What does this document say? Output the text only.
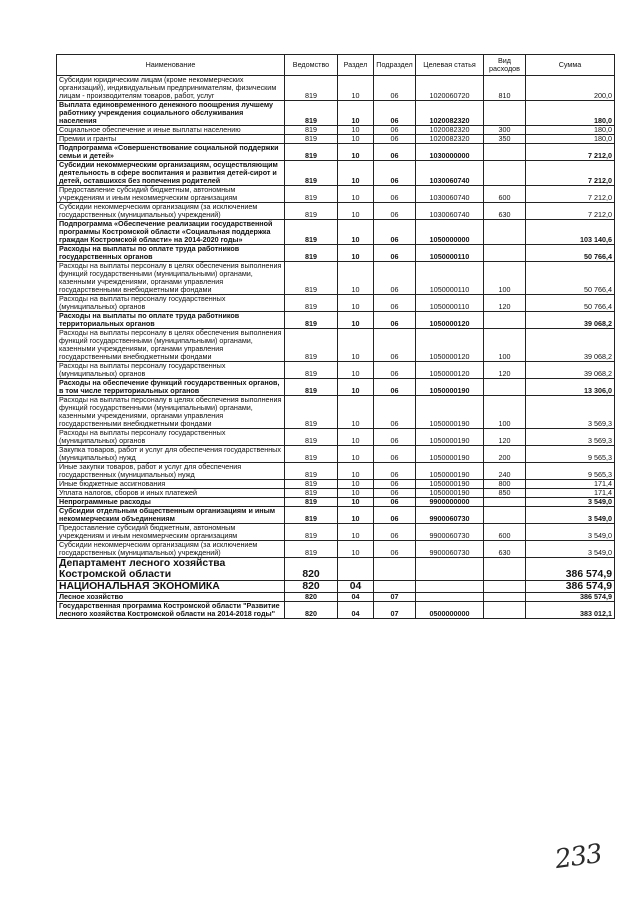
Наименование	Ведомство	Раздел	Подраздел	Целевая статья	Вид расходов	Сумма
Субсидии юридическим лицам (кроме некоммерческих организаций), индивидуальным предпринимателям, физическим лицам - производителям товаров, работ, услуг	819	10	06	1020060720	810	200,0
Выплата единовременного денежного поощрения лучшему работнику учреждения социального обслуживания населения	819	10	06	1020082320		180,0
Социальное обеспечение и иные выплаты населению	819	10	06	1020082320	300	180,0
Премии и гранты	819	10	06	1020082320	350	180,0
Подпрограмма «Совершенствование социальной поддержки семьи и детей»	819	10	06	1030000000		7 212,0
Субсидии некоммерческим организациям, осуществляющим деятельность в сфере воспитания и развития детей-сирот и детей, оставшихся без попечения родителей	819	10	06	1030060740		7 212,0
Предоставление субсидий бюджетным, автономным учреждениям и иным некоммерческим организациям	819	10	06	1030060740	600	7 212,0
Субсидии некоммерческим организациям (за исключением государственных (муниципальных) учреждений)	819	10	06	1030060740	630	7 212,0
Подпрограмма «Обеспечение реализации государственной программы Костромской области «Социальная поддержка граждан Костромской области» на 2014-2020 годы»	819	10	06	1050000000		103 140,6
Расходы на выплаты по оплате труда работников государственных органов	819	10	06	1050000110		50 766,4
Расходы на выплаты персоналу в целях обеспечения выполнения функций государственными (муниципальными) органами, казенными учреждениями, органами управления государственными внебюджетными фондами	819	10	06	1050000110	100	50 766,4
Расходы на выплаты персоналу государственных (муниципальных) органов	819	10	06	1050000110	120	50 766,4
Расходы на выплаты по оплате труда работников территориальных органов	819	10	06	1050000120		39 068,2
Расходы на выплаты персоналу в целях обеспечения выполнения функций государственными (муниципальными) органами, казенными учреждениями, органами управления государственными внебюджетными фондами	819	10	06	1050000120	100	39 068,2
Расходы на выплаты персоналу государственных (муниципальных) органов	819	10	06	1050000120	120	39 068,2
Расходы на обеспечение функций государственных органов, в том числе территориальных органов	819	10	06	1050000190		13 306,0
Расходы на выплаты персоналу в целях обеспечения выполнения функций государственными (муниципальными) органами, казенными учреждениями, органами управления государственными внебюджетными фондами	819	10	06	1050000190	100	3 569,3
Расходы на выплаты персоналу государственных (муниципальных) органов	819	10	06	1050000190	120	3 569,3
Закупка товаров, работ и услуг для обеспечения государственных (муниципальных) нужд	819	10	06	1050000190	200	9 565,3
Иные закупки товаров, работ и услуг для обеспечения государственных (муниципальных) нужд	819	10	06	1050000190	240	9 565,3
Иные бюджетные ассигнования	819	10	06	1050000190	800	171,4
Уплата налогов, сборов и иных платежей	819	10	06	1050000190	850	171,4
Непрограммные расходы	819	10	06	9900000000		3 549,0
Субсидии отдельным общественным организациям и иным некоммерческим объединениям	819	10	06	9900060730		3 549,0
Предоставление субсидий бюджетным, автономным учреждениям и иным некоммерческим организациям	819	10	06	9900060730	600	3 549,0
Субсидии некоммерческим организациям (за исключением государственных (муниципальных) учреждений)	819	10	06	9900060730	630	3 549,0
Департамент лесного хозяйства Костромской области	820					386 574,9
НАЦИОНАЛЬНАЯ ЭКОНОМИКА	820	04				386 574,9
Лесное хозяйство	820	04	07			386 574,9
Государственная программа Костромской области "Развитие лесного хозяйства Костромской области на 2014-2018 годы"	820	04	07	0500000000		383 012,1
233
